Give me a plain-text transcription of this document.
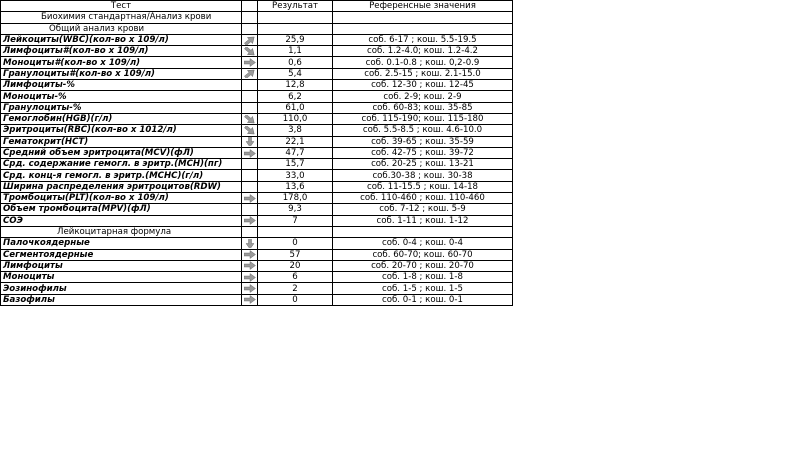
Тест		Результат	Референсные значения
Биохимия стандартная/Анализ крови			
Общий анализ крови			
Лейкоциты(WBC)(кол-во х 109/л)		25,9	соб. 6-17 ; кош. 5.5-19.5
Лимфоциты#(кол-во х 109/л)		1,1	соб. 1.2-4.0; кош. 1.2-4.2
Моноциты#(кол-во х 109/л)		0,6	соб. 0.1-0.8 ; кош. 0,2-0.9
Гранулоциты#(кол-во х 109/л)		5,4	соб. 2.5-15 ; кош. 2.1-15.0
Лимфоциты-%		12,8	соб. 12-30 ; кош. 12-45
Моноциты-%		6,2	соб. 2-9; кош. 2-9
Гранулоциты-%		61,0	соб. 60-83; кош. 35-85
Гемоглобин(HGB)(г/л)		110,0	соб. 115-190; кош. 115-180
Эритроциты(RBC)(кол-во х 1012/л)		3,8	соб. 5.5-8.5 ; кош. 4.6-10.0
Гематокрит(HCT)		22,1	соб. 39-65 ; кош. 35-59
Средний объем эритроцита(MCV)(фЛ)		47,7	соб. 42-75 ; кош. 39-72
Срд. содержание гемогл. в эритр.(MCH)(пг)		15,7	соб. 20-25 ; кош. 13-21
Срд. конц-я гемогл. в эритр.(MCHC)(г/л)		33,0	соб.30-38 ; кош. 30-38
Ширина распределения эритроцитов(RDW)		13,6	соб. 11-15.5 ; кош. 14-18
Тромбоциты(PLT)(кол-во х 109/л)		178,0	соб. 110-460 ; кош. 110-460
Объем тромбоцита(MPV)(фЛ)		9,3	соб. 7-12 ; кош. 5-9
СОЭ		7	соб. 1-11 ; кош. 1-12
Лейкоцитарная формула			
Палочкоядерные		0	соб. 0-4 ; кош. 0-4
Сегментоядерные		57	соб. 60-70; кош. 60-70
Лимфоциты		20	соб. 20-70 ; кош. 20-70
Моноциты		6	соб. 1-8 ; кош. 1-8
Эозинофилы		2	соб. 1-5 ; кош. 1-5
Базофилы		0	соб. 0-1 ; кош. 0-1
